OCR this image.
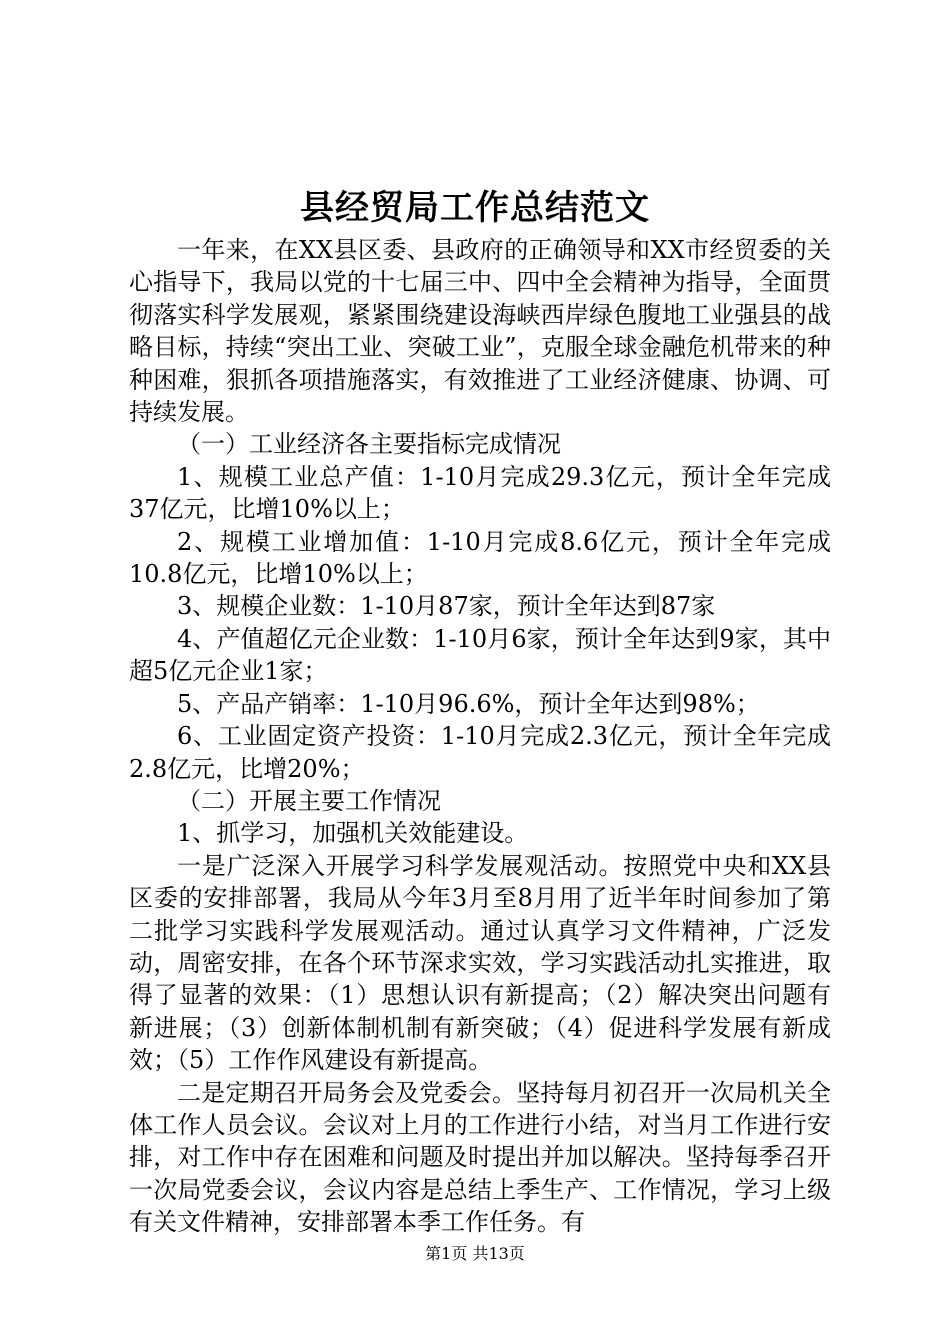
县经贸局工作总结范文

一年来，在XX县区委、县政府的正确领导和XX市经贸委的关心指导下，我局以党的十七届三中、四中全会精神为指导，全面贯彻落实科学发展观，紧紧围绕建设海峡西岸绿色腹地工业强县的战略目标，持续“突出工业、突破工业”，克服全球金融危机带来的种种困难，狠抓各项措施落实，有效推进了工业经济健康、协调、可持续发展。

（一）工业经济各主要指标完成情况

1、规模工业总产值：1-10月完成29.3亿元，预计全年完成37亿元，比增10%以上；

2、规模工业增加值：1-10月完成8.6亿元，预计全年完成10.8亿元，比增10%以上；

3、规模企业数：1-10月87家，预计全年达到87家

4、产值超亿元企业数：1-10月6家，预计全年达到9家，其中超5亿元企业1家；

5、产品产销率：1-10月96.6%，预计全年达到98%；

6、工业固定资产投资：1-10月完成2.3亿元，预计全年完成2.8亿元，比增20%；

（二）开展主要工作情况

1、抓学习，加强机关效能建设。

一是广泛深入开展学习科学发展观活动。按照党中央和XX县区委的安排部署，我局从今年3月至8月用了近半年时间参加了第二批学习实践科学发展观活动。通过认真学习文件精神，广泛发动，周密安排，在各个环节深求实效，学习实践活动扎实推进，取得了显著的效果：（1）思想认识有新提高；（2）解决突出问题有新进展；（3）创新体制机制有新突破；（4）促进科学发展有新成效；（5）工作作风建设有新提高。

二是定期召开局务会及党委会。坚持每月初召开一次局机关全体工作人员会议。会议对上月的工作进行小结，对当月工作进行安排，对工作中存在困难和问题及时提出并加以解决。坚持每季召开一次局党委会议，会议内容是总结上季生产、工作情况，学习上级有关文件精神，安排部署本季工作任务。有

第1页 共13页
